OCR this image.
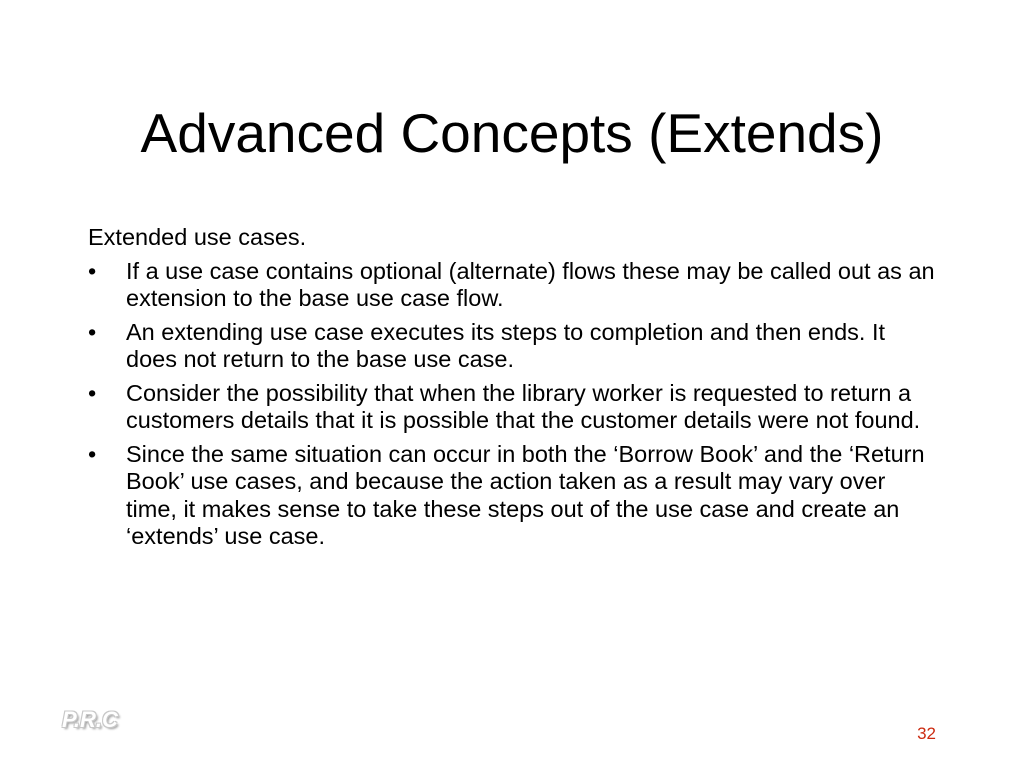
Advanced Concepts (Extends)

Extended use cases.

• If a use case contains optional (alternate) flows these may be called out as an extension to the base use case flow.
• An extending use case executes its steps to completion and then ends. It does not return to the base use case.
• Consider the possibility that when the library worker is requested to return a customers details that it is possible that the customer details were not found.
• Since the same situation can occur in both the ‘Borrow Book’ and the ‘Return Book’ use cases, and because the action taken as a result may vary over time, it makes sense to take these steps out of the use case and create an ‘extends’ use case.
P.R.C
32
